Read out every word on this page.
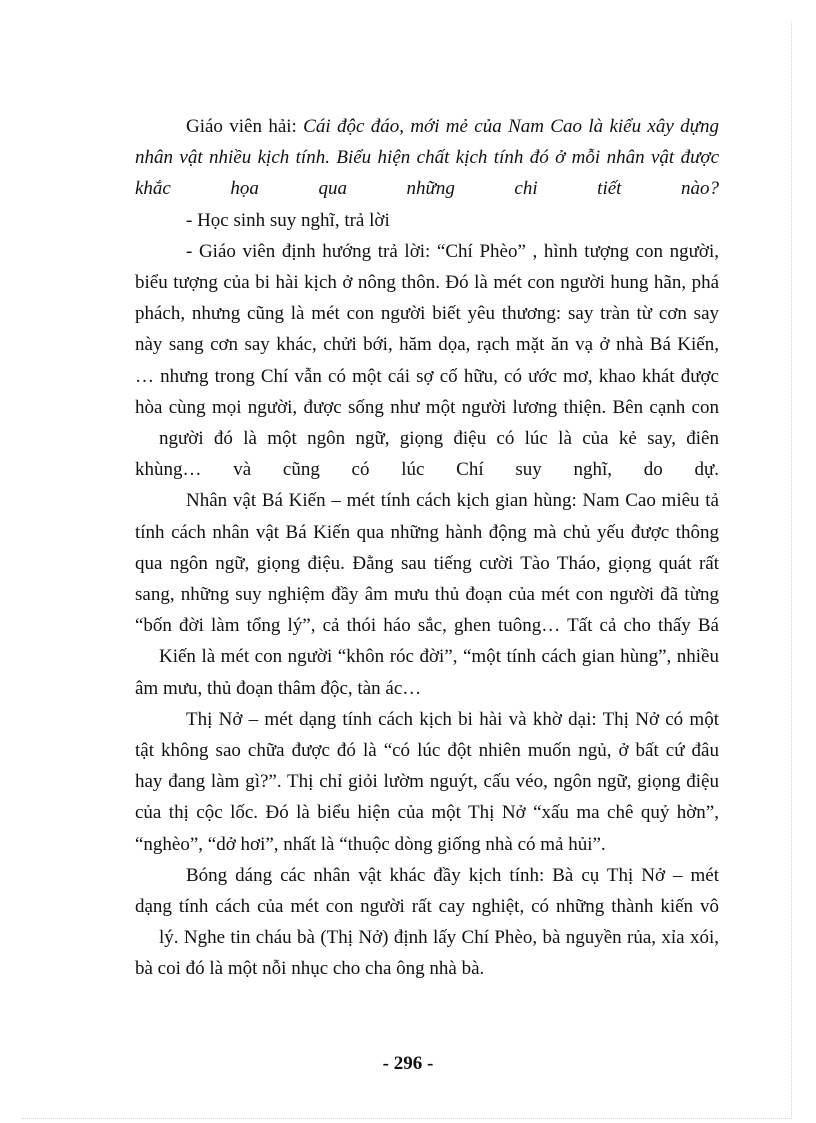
Giáo viên hải: Cái độc đáo, mới mẻ của Nam Cao là kiểu xây dựng
nhân vật nhiều kịch tính. Biểu hiện chất kịch tính đó ở mỗi nhân vật được
khắc họa qua những chi tiết nào?
- Học sinh suy nghĩ, trả lời
- Giáo viên định hướng trả lời: “Chí Phèo” , hình tượng con người,
biểu tượng của bi hài kịch ở nông thôn. Đó là mét con người hung hãn, phá
phách, nhưng cũng là mét con người biết yêu thương: say tràn từ cơn say
này sang cơn say khác, chửi bới, hăm dọa, rạch mặt ăn vạ ở nhà Bá Kiến,
… nhưng trong Chí vẫn có một cái sợ cố hữu, có ước mơ, khao khát được
hòa cùng mọi người, được sống như một người lương thiện. Bên cạnh con
người đó là một ngôn ngữ, giọng điệu có lúc là của kẻ say, điên
khùng… và cũng có lúc Chí suy nghĩ, do dự.
Nhân vật Bá Kiến – mét tính cách kịch gian hùng: Nam Cao miêu tả
tính cách nhân vật Bá Kiến qua những hành động mà chủ yếu được thông
qua ngôn ngữ, giọng điệu. Đằng sau tiếng cười Tào Tháo, giọng quát rất
sang, những suy nghiệm đầy âm mưu thủ đoạn của mét con người đã từng
“bốn đời làm tổng lý”, cả thói háo sắc, ghen tuông… Tất cả cho thấy Bá
Kiến là mét con người “khôn róc đời”, “một tính cách gian hùng”, nhiều
âm mưu, thủ đoạn thâm độc, tàn ác…
Thị Nở – mét dạng tính cách kịch bi hài và khờ dại: Thị Nở có một
tật không sao chữa được đó là “có lúc đột nhiên muốn ngủ, ở bất cứ đâu
hay đang làm gì?”. Thị chỉ giỏi lườm nguýt, cấu véo, ngôn ngữ, giọng điệu
của thị cộc lốc. Đó là biểu hiện của một Thị Nở “xấu ma chê quỷ hờn”,
“nghèo”, “dở hơi”, nhất là “thuộc dòng giống nhà có mả hủi”.
Bóng dáng các nhân vật khác đầy kịch tính: Bà cụ Thị Nở – mét
dạng tính cách của mét con người rất cay nghiệt, có những thành kiến vô
lý. Nghe tin cháu bà (Thị Nở) định lấy Chí Phèo, bà nguyền rủa, xỉa xói,
bà coi đó là một nỗi nhục cho cha ông nhà bà.
- 296 -
